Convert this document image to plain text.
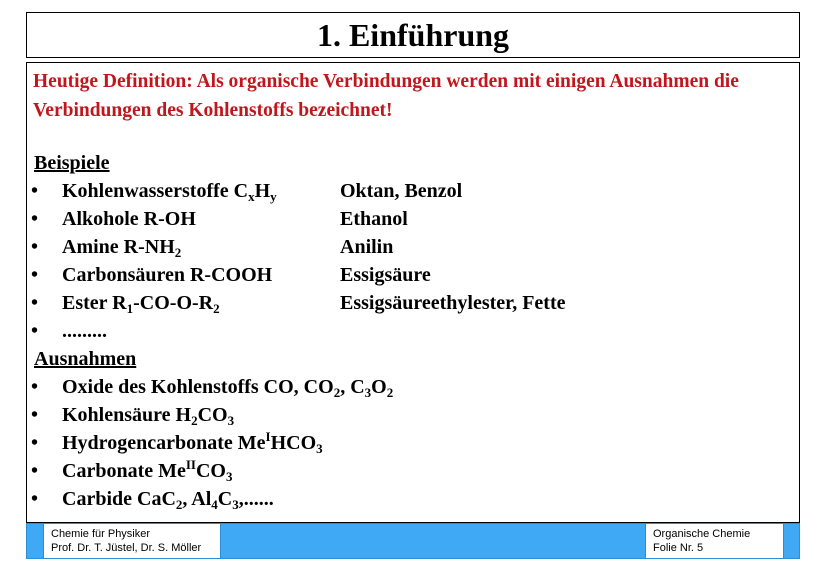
1. Einführung
Heutige Definition: Als organische Verbindungen werden mit einigen Ausnahmen die Verbindungen des Kohlenstoffs bezeichnet!
Beispiele
•	Kohlenwasserstoffe $C_xH_y$	Oktan, Benzol
•	Alkohole R-OH	Ethanol
•	Amine $R-NH_2$	Anilin
•	Carbonsäuren R-COOH	Essigsäure
•	Ester $R_1-CO-O-R_2$	Essigsäureethylester, Fette
•	.........
Ausnahmen
•	Oxide des Kohlenstoffs CO, $CO_2$, $C_3O_2$
•	Kohlensäure $H_2CO_3$
•	Hydrogencarbonate $Me^IHCO_3$
•	Carbonate $Me^{II}CO_3$
•	Carbide CaC$_2$, $Al_4C_3$,......
Chemie für Physiker
Prof. Dr. T. Jüstel, Dr. S. Möller
Organische Chemie
Folie Nr. 5
